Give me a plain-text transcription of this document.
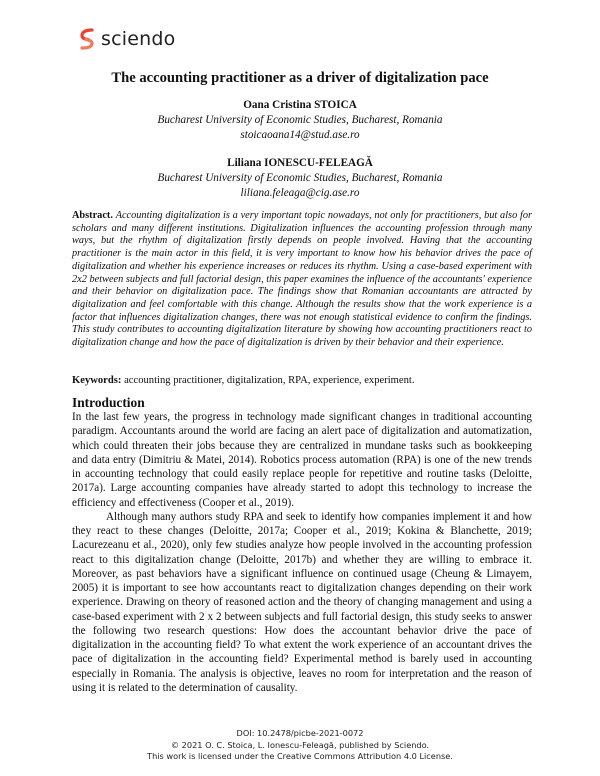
sciendo
The accounting practitioner as a driver of digitalization pace
Oana Cristina STOICA
Bucharest University of Economic Studies, Bucharest, Romania
stoicaoana14@stud.ase.ro
Liliana IONESCU-FELEAGĂ
Bucharest University of Economic Studies, Bucharest, Romania
liliana.feleaga@cig.ase.ro
Abstract. Accounting digitalization is a very important topic nowadays, not only for practitioners, but also for scholars and many different institutions. Digitalization influences the accounting profession through many ways, but the rhythm of digitalization firstly depends on people involved. Having that the accounting practitioner is the main actor in this field, it is very important to know how his behavior drives the pace of digitalization and whether his experience increases or reduces its rhythm. Using a case-based experiment with 2x2 between subjects and full factorial design, this paper examines the influence of the accountants' experience and their behavior on digitalization pace. The findings show that Romanian accountants are attracted by digitalization and feel comfortable with this change. Although the results show that the work experience is a factor that influences digitalization changes, there was not enough statistical evidence to confirm the findings. This study contributes to accounting digitalization literature by showing how accounting practitioners react to digitalization change and how the pace of digitalization is driven by their behavior and their experience.
Keywords: accounting practitioner, digitalization, RPA, experience, experiment.
Introduction

In the last few years, the progress in technology made significant changes in traditional accounting paradigm. Accountants around the world are facing an alert pace of digitalization and automatization, which could threaten their jobs because they are centralized in mundane tasks such as bookkeeping and data entry (Dimitriu & Matei, 2014). Robotics process automation (RPA) is one of the new trends in accounting technology that could easily replace people for repetitive and routine tasks (Deloitte, 2017a). Large accounting companies have already started to adopt this technology to increase the efficiency and effectiveness (Cooper et al., 2019).

Although many authors study RPA and seek to identify how companies implement it and how they react to these changes (Deloitte, 2017a; Cooper et al., 2019; Kokina & Blanchette, 2019; Lacurezeanu et al., 2020), only few studies analyze how people involved in the accounting profession react to this digitalization change (Deloitte, 2017b) and whether they are willing to embrace it. Moreover, as past behaviors have a significant influence on continued usage (Cheung & Limayem, 2005) it is important to see how accountants react to digitalization changes depending on their work experience. Drawing on theory of reasoned action and the theory of changing management and using a case-based experiment with 2 x 2 between subjects and full factorial design, this study seeks to answer the following two research questions: How does the accountant behavior drive the pace of digitalization in the accounting field? To what extent the work experience of an accountant drives the pace of digitalization in the accounting field? Experimental method is barely used in accounting especially in Romania. The analysis is objective, leaves no room for interpretation and the reason of using it is related to the determination of causality.

DOI: 10.2478/picbe-2021-0072
© 2021 O. C. Stoica, L. Ionescu-Feleagă, published by Sciendo.
This work is licensed under the Creative Commons Attribution 4.0 License.
